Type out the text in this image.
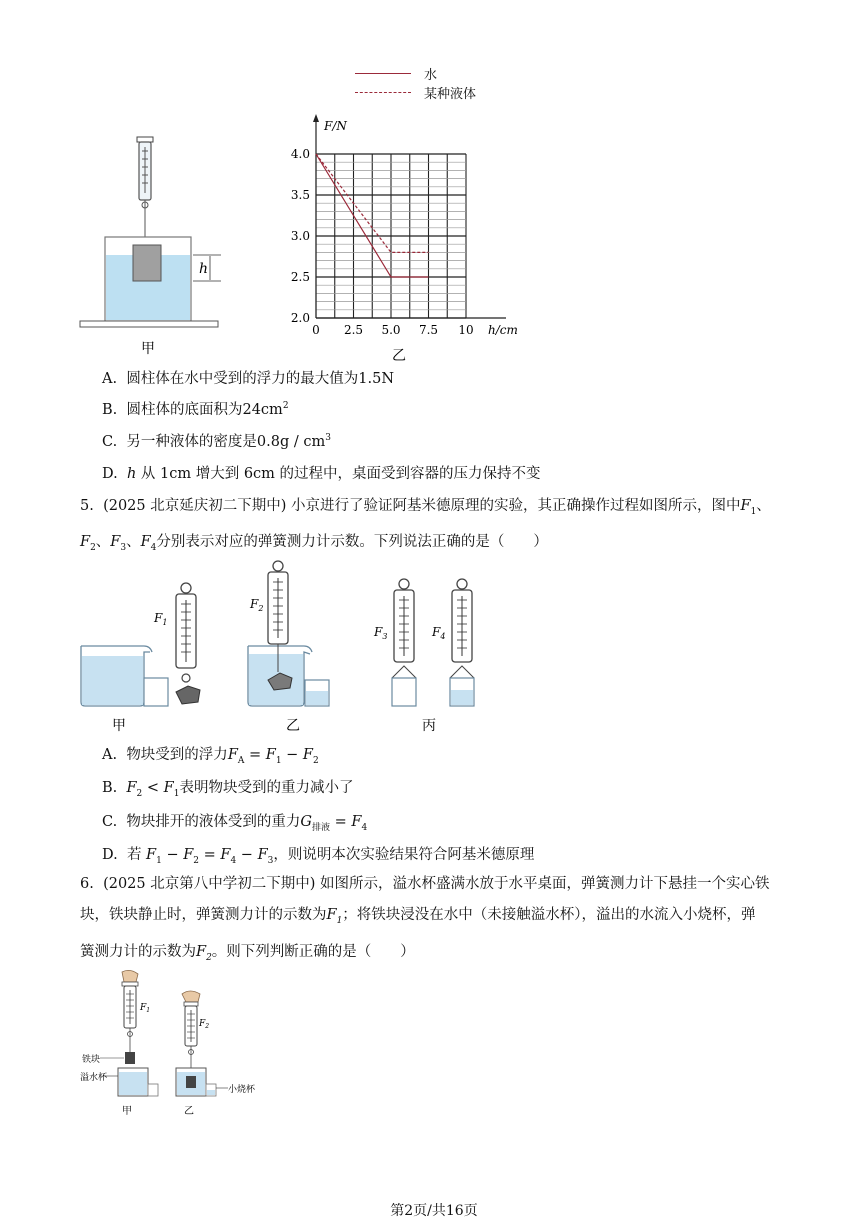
h
甲
水
某种液体
0 2.5 5.0 7.5 10
2.0
2.5
3.0
3.5
4.0
h/cm
F/N
乙
A. 圆柱体在水中受到的浮力的最大值为1.5N
B. 圆柱体的底面积为$24cm^2$
C. 另一种液体的密度是$0.8g / cm^3$
D. h 从 1cm 增大到 6cm 的过程中，桌面受到容器的压力保持不变
5. (2025 北京延庆初二下期中) 小京进行了验证阿基米德原理的实验，其正确操作过程如图所示，图中$F_1$、
$F_2$、$F_3$、$F_4$分别表示对应的弹簧测力计示数。下列说法正确的是（　　）
$F_1$
$F_2$
$F_3$	$F_4$
甲	乙	丙
A. 物块受到的浮力$F_A = F_1 - F_2$
B. $F_2 < F_1$表明物块受到的重力减小了
C. 物块排开的液体受到的重力$G_{排液} = F_4$
D. 若 $F_1 - F_2 = F_4 - F_3$，则说明本次实验结果符合阿基米德原理
6. (2025 北京第八中学初二下期中) 如图所示，溢水杯盛满水放于水平桌面，弹簧测力计下悬挂一个实心铁
块，铁块静止时，弹簧测力计的示数为$F_1$；将铁块浸没在水中（未接触溢水杯），溢出的水流入小烧杯，弹
簧测力计的示数为$F_2$。则下列判断正确的是（　　）
$F_1$
铁块
溢水杯
$F_2$
小烧杯
甲	乙
第2页/共16页
